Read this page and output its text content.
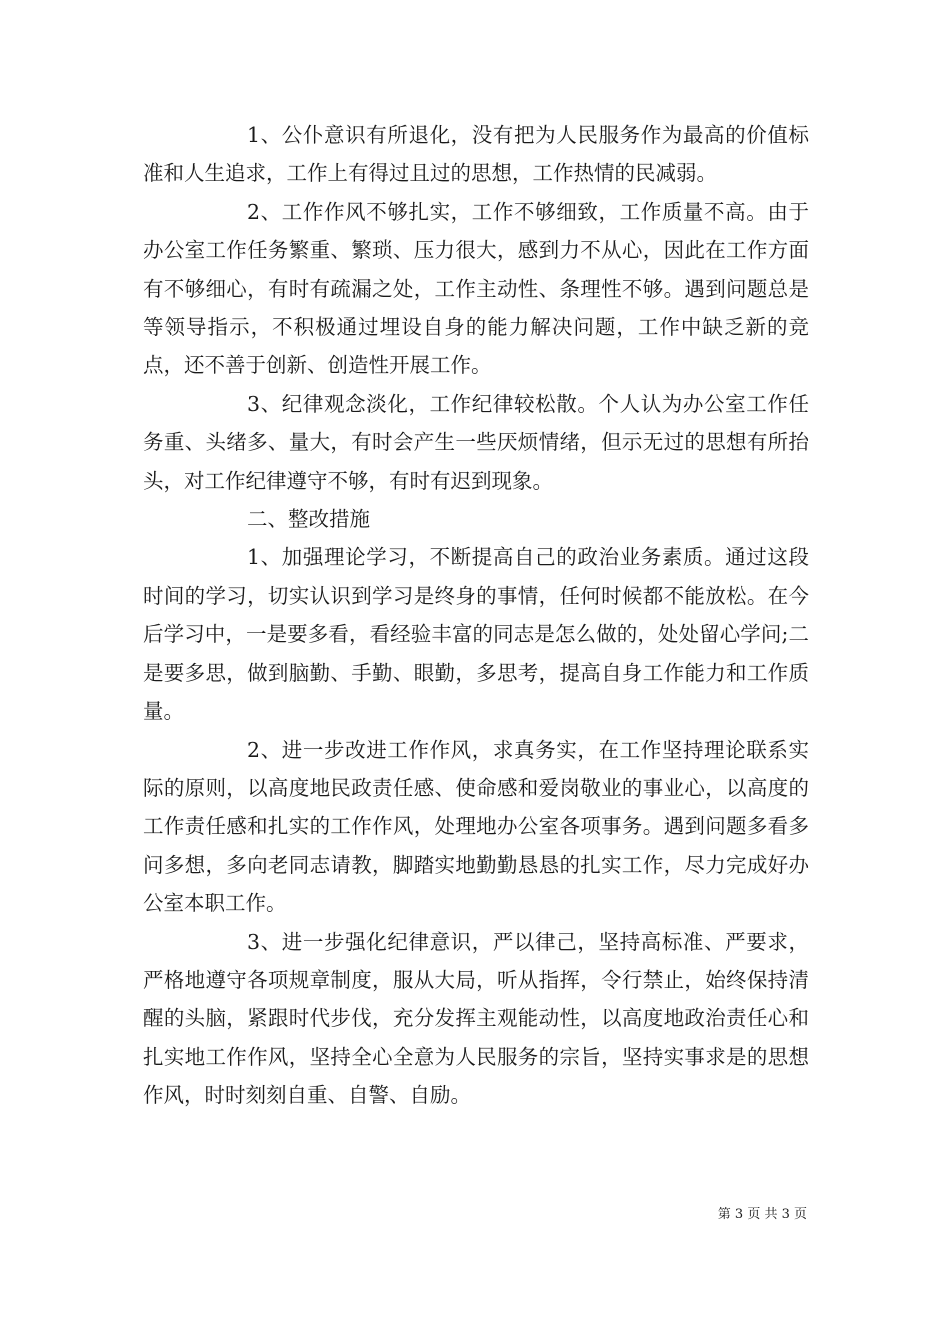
1、公仆意识有所退化，没有把为人民服务作为最高的价值标准和人生追求，工作上有得过且过的思想，工作热情的民减弱。

2、工作作风不够扎实，工作不够细致，工作质量不高。由于办公室工作任务繁重、繁琐、压力很大，感到力不从心，因此在工作方面有不够细心，有时有疏漏之处，工作主动性、条理性不够。遇到问题总是等领导指示，不积极通过埋设自身的能力解决问题，工作中缺乏新的竞点，还不善于创新、创造性开展工作。

3、纪律观念淡化，工作纪律较松散。个人认为办公室工作任务重、头绪多、量大，有时会产生一些厌烦情绪，但示无过的思想有所抬头，对工作纪律遵守不够，有时有迟到现象。

二、整改措施

1、加强理论学习，不断提高自己的政治业务素质。通过这段时间的学习，切实认识到学习是终身的事情，任何时候都不能放松。在今后学习中，一是要多看，看经验丰富的同志是怎么做的，处处留心学问;二是要多思，做到脑勤、手勤、眼勤，多思考，提高自身工作能力和工作质量。

2、进一步改进工作作风，求真务实，在工作坚持理论联系实际的原则，以高度地民政责任感、使命感和爱岗敬业的事业心，以高度的工作责任感和扎实的工作作风，处理地办公室各项事务。遇到问题多看多问多想，多向老同志请教，脚踏实地勤勤恳恳的扎实工作，尽力完成好办公室本职工作。

3、进一步强化纪律意识，严以律己，坚持高标准、严要求，严格地遵守各项规章制度，服从大局，听从指挥，令行禁止，始终保持清醒的头脑，紧跟时代步伐，充分发挥主观能动性，以高度地政治责任心和扎实地工作作风，坚持全心全意为人民服务的宗旨，坚持实事求是的思想作风，时时刻刻自重、自警、自励。

第 3 页 共 3 页
